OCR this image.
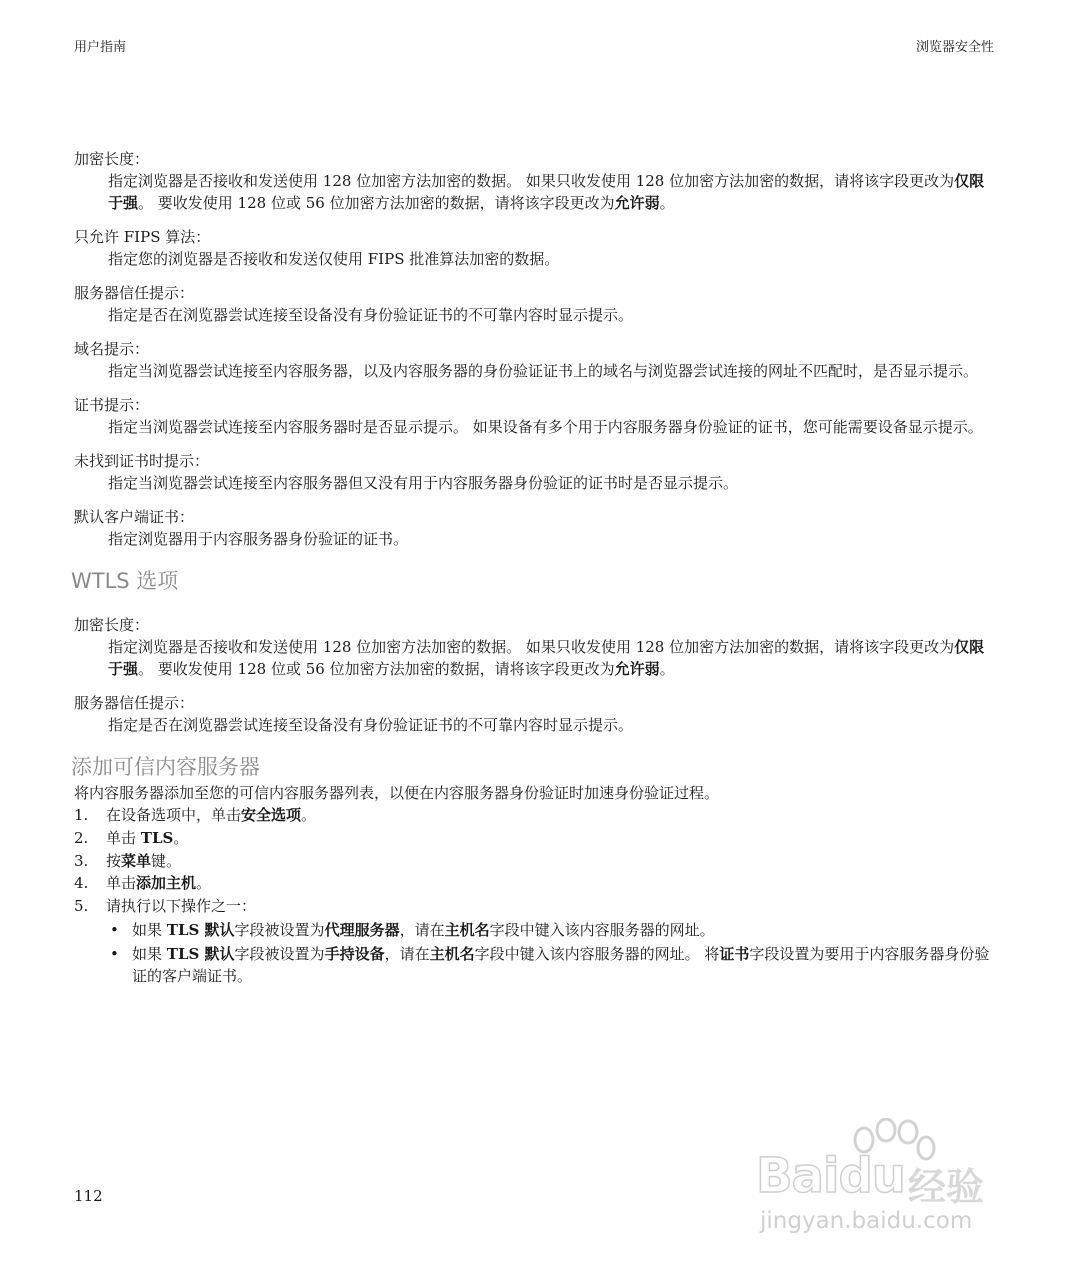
用户指南	浏览器安全性

加密长度：

指定浏览器是否接收和发送使用 128 位加密方法加密的数据。 如果只收发使用 128 位加密方法加密的数据，请将该字段更改为仅限于强。 要收发使用 128 位或 56 位加密方法加密的数据，请将该字段更改为允许弱。

只允许 FIPS 算法：

指定您的浏览器是否接收和发送仅使用 FIPS 批准算法加密的数据。

服务器信任提示：

指定是否在浏览器尝试连接至设备没有身份验证证书的不可靠内容时显示提示。

域名提示：

指定当浏览器尝试连接至内容服务器，以及内容服务器的身份验证证书上的域名与浏览器尝试连接的网址不匹配时，是否显示提示。

证书提示：

指定当浏览器尝试连接至内容服务器时是否显示提示。 如果设备有多个用于内容服务器身份验证的证书，您可能需要设备显示提示。

未找到证书时提示：

指定当浏览器尝试连接至内容服务器但又没有用于内容服务器身份验证的证书时是否显示提示。

默认客户端证书：

指定浏览器用于内容服务器身份验证的证书。

WTLS 选项

加密长度：

指定浏览器是否接收和发送使用 128 位加密方法加密的数据。 如果只收发使用 128 位加密方法加密的数据，请将该字段更改为仅限于强。 要收发使用 128 位或 56 位加密方法加密的数据，请将该字段更改为允许弱。

服务器信任提示：

指定是否在浏览器尝试连接至设备没有身份验证证书的不可靠内容时显示提示。

添加可信内容服务器

将内容服务器添加至您的可信内容服务器列表，以便在内容服务器身份验证时加速身份验证过程。

1. 在设备选项中，单击安全选项。
2. 单击 TLS。
3. 按菜单键。
4. 单击添加主机。
5. 请执行以下操作之一：
• 如果 TLS 默认字段被设置为代理服务器，请在主机名字段中键入该内容服务器的网址。
• 如果 TLS 默认字段被设置为手持设备，请在主机名字段中键入该内容服务器的网址。 将证书字段设置为要用于内容服务器身份验证的客户端证书。
112	Baidu 经验
jingyan.baidu.com
